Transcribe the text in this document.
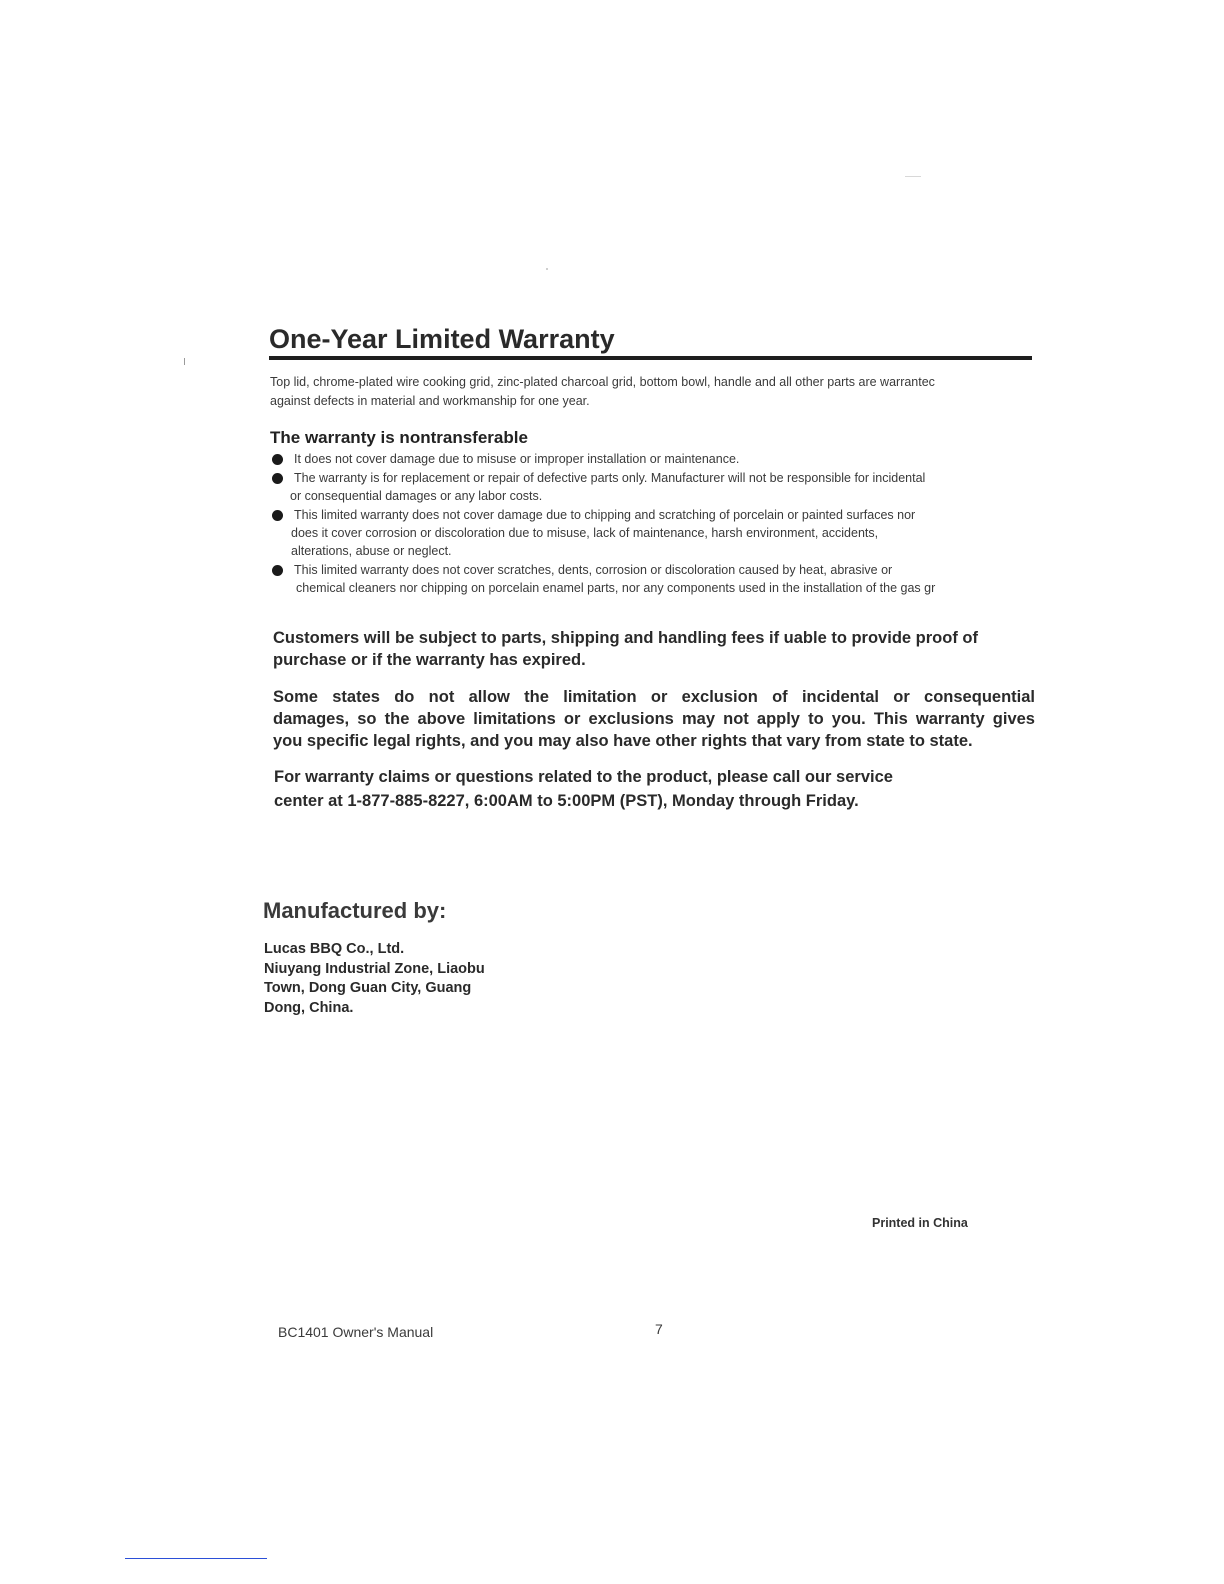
One-Year Limited Warranty
Top lid, chrome-plated wire cooking grid, zinc-plated charcoal grid, bottom bowl, handle and all other parts are warrantec
against defects in material and workmanship for one year.
The warranty is nontransferable
It does not cover damage due to misuse or improper installation or maintenance.
The warranty is for replacement or repair of defective parts only. Manufacturer will not be responsible for incidental
or consequential damages or any labor costs.
This limited warranty does not cover damage due to chipping and scratching of porcelain or painted surfaces nor
does it cover corrosion or discoloration due to misuse, lack of maintenance, harsh environment, accidents,
alterations, abuse or neglect.
This limited warranty does not cover scratches, dents, corrosion or discoloration caused by heat, abrasive or
chemical cleaners nor chipping on porcelain enamel parts, nor any components used in the installation of the gas gr
Customers will be subject to parts, shipping and handling fees if uable to provide proof of
purchase or if the warranty has expired.
Some states do not allow the limitation or exclusion of incidental or consequential
damages, so the above limitations or exclusions may not apply to you. This warranty gives
you specific legal rights, and you may also have other rights that vary from state to state.
For warranty claims or questions related to the product, please call our service
center at 1-877-885-8227, 6:00AM to 5:00PM (PST), Monday through Friday.
Manufactured by:
Lucas BBQ Co., Ltd.
Niuyang Industrial Zone, Liaobu
Town, Dong Guan City, Guang
Dong, China.
Printed in China
BC1401 Owner's Manual	7
